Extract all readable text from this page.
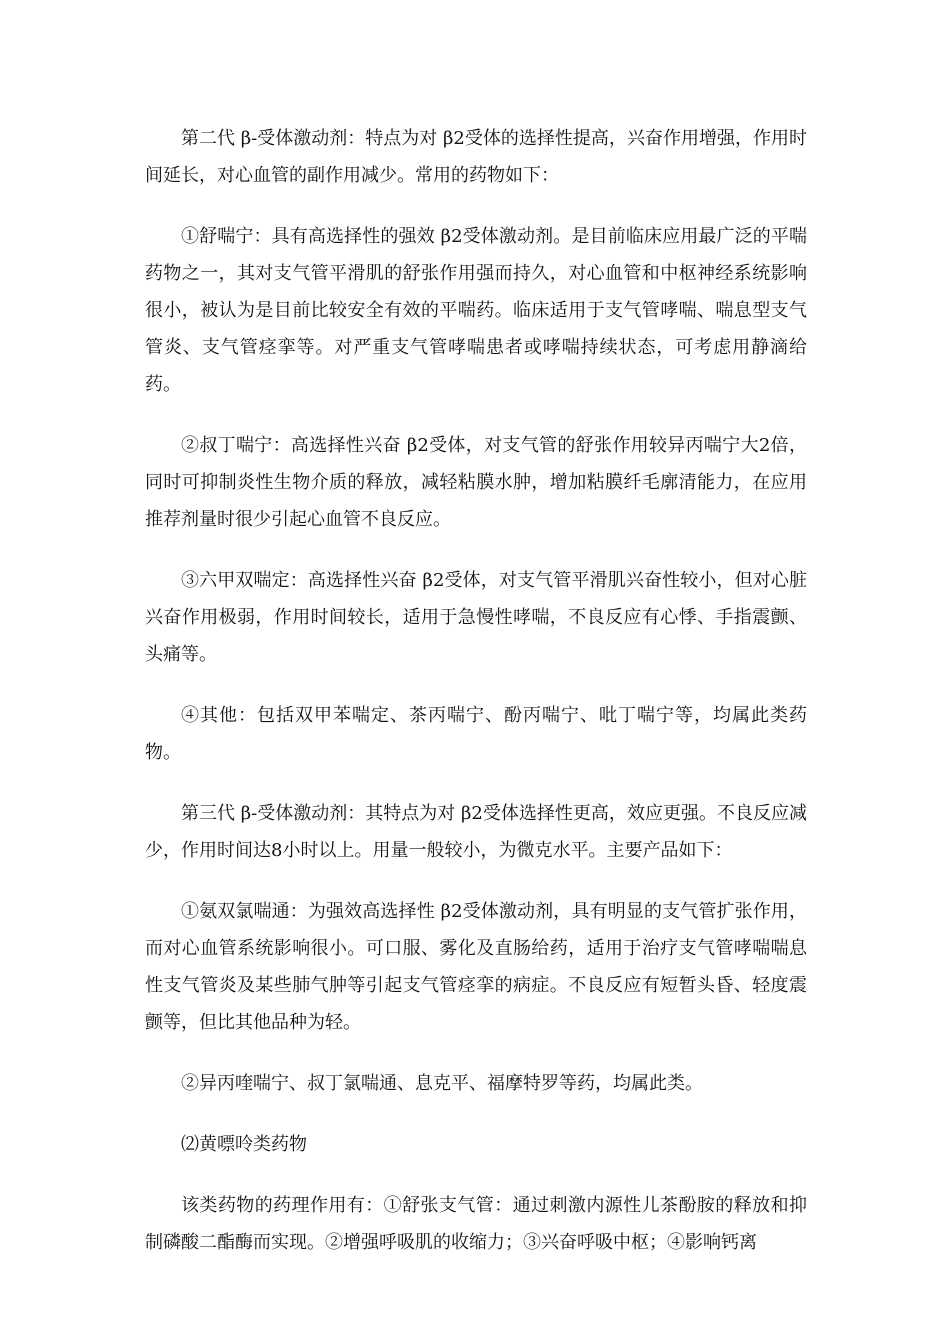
第二代 β-受体激动剂：特点为对 β2受体的选择性提高，兴奋作用增强，作用时间延长，对心血管的副作用减少。常用的药物如下：

①舒喘宁：具有高选择性的强效 β2受体激动剂。是目前临床应用最广泛的平喘药物之一，其对支气管平滑肌的舒张作用强而持久，对心血管和中枢神经系统影响很小，被认为是目前比较安全有效的平喘药。临床适用于支气管哮喘、喘息型支气管炎、支气管痉挛等。对严重支气管哮喘患者或哮喘持续状态，可考虑用静滴给药。

②叔丁喘宁：高选择性兴奋 β2受体，对支气管的舒张作用较异丙喘宁大2倍，同时可抑制炎性生物介质的释放，减轻粘膜水肿，增加粘膜纤毛廓清能力，在应用推荐剂量时很少引起心血管不良反应。

③六甲双喘定：高选择性兴奋 β2受体，对支气管平滑肌兴奋性较小，但对心脏兴奋作用极弱，作用时间较长，适用于急慢性哮喘，不良反应有心悸、手指震颤、头痛等。

④其他：包括双甲苯喘定、茶丙喘宁、酚丙喘宁、吡丁喘宁等，均属此类药物。

第三代 β-受体激动剂：其特点为对 β2受体选择性更高，效应更强。不良反应减少，作用时间达8小时以上。用量一般较小，为微克水平。主要产品如下：

①氨双氯喘通：为强效高选择性 β2受体激动剂，具有明显的支气管扩张作用，而对心血管系统影响很小。可口服、雾化及直肠给药，适用于治疗支气管哮喘喘息性支气管炎及某些肺气肿等引起支气管痉挛的病症。不良反应有短暂头昏、轻度震颤等，但比其他品种为轻。

②异丙喹喘宁、叔丁氯喘通、息克平、福摩特罗等药，均属此类。

⑵黄嘌呤类药物

该类药物的药理作用有：①舒张支气管：通过刺激内源性儿茶酚胺的释放和抑制磷酸二酯酶而实现。②增强呼吸肌的收缩力；③兴奋呼吸中枢；④影响钙离
